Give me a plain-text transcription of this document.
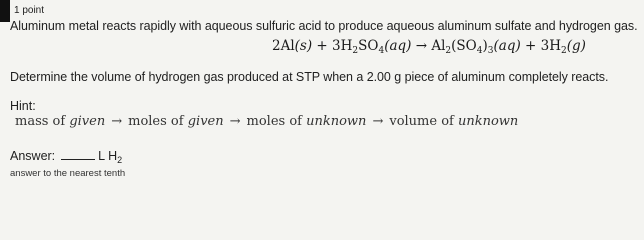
1 point
Aluminum metal reacts rapidly with aqueous sulfuric acid to produce aqueous aluminum sulfate and hydrogen gas.
$2Al(s) + 3H_2SO_4(aq) \to Al_2(SO_4)_3(aq) + 3H_2(g)$
Determine the volume of hydrogen gas produced at STP when a 2.00 g piece of aluminum completely reacts.
Hint:
mass of given → moles of given → moles of unknown → volume of unknown
Answer:	L $H_2$
answer to the nearest tenth
